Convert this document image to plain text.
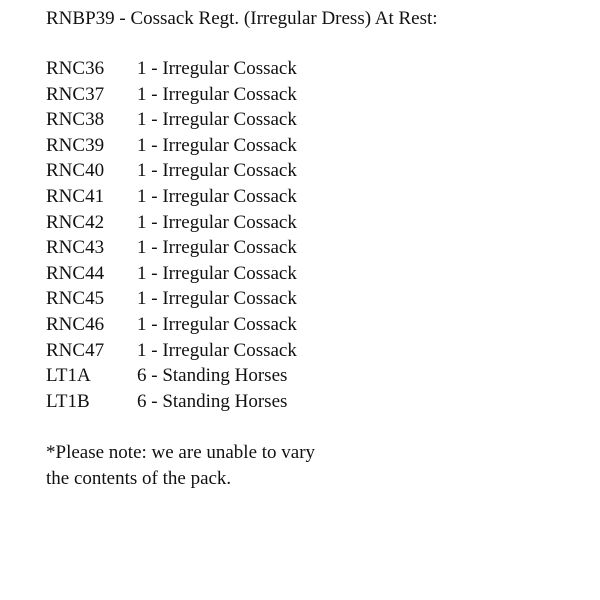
RNBP39 - Cossack Regt. (Irregular Dress) At Rest:
RNC36	1 - Irregular Cossack
RNC37	1 - Irregular Cossack
RNC38	1 - Irregular Cossack
RNC39	1 - Irregular Cossack
RNC40	1 - Irregular Cossack
RNC41	1 - Irregular Cossack
RNC42	1 - Irregular Cossack
RNC43	1 - Irregular Cossack
RNC44	1 - Irregular Cossack
RNC45	1 - Irregular Cossack
RNC46	1 - Irregular Cossack
RNC47	1 - Irregular Cossack
LT1A	6 - Standing Horses
LT1B	6 - Standing Horses
*Please note: we are unable to vary
the contents of the pack.
